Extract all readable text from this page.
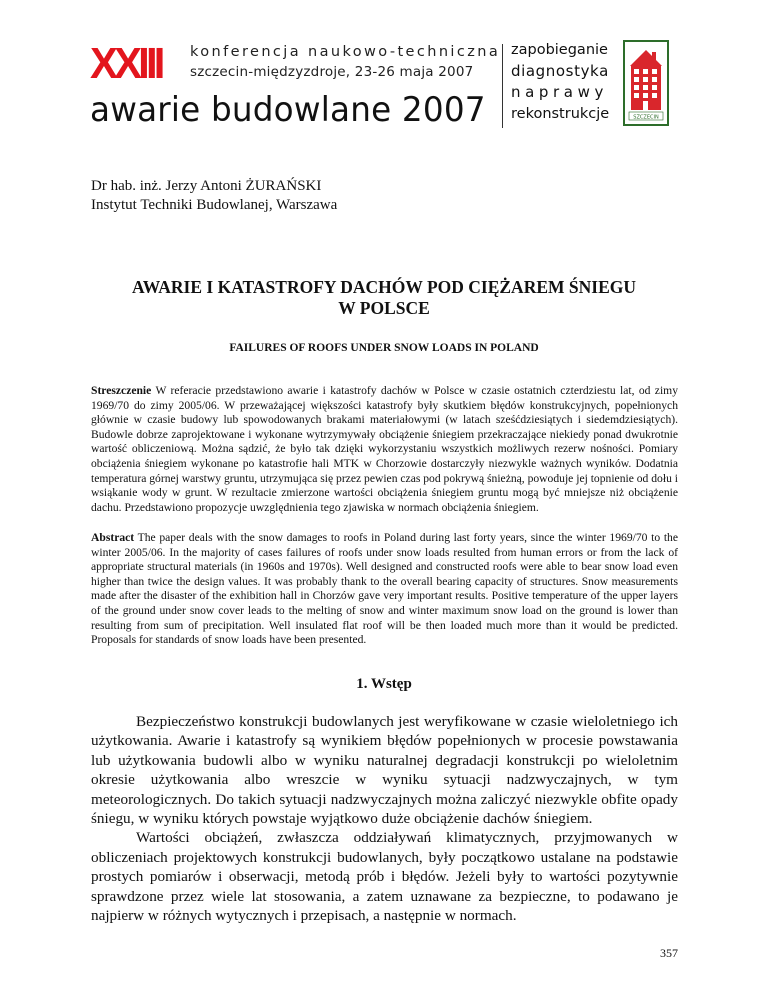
XXIII konferencja naukowo-techniczna
szczecin-międzyzdroje, 23-26 maja 2007
awarie budowlane 2007
zapobieganie
diagnostyka
naprawy
rekonstrukcje	SZCZECIN
Dr hab. inż. Jerzy Antoni ŻURAŃSKI
Instytut Techniki Budowlanej, Warszawa
AWARIE I KATASTROFY DACHÓW POD CIĘŻAREM ŚNIEGU
W POLSCE
FAILURES OF ROOFS UNDER SNOW LOADS IN POLAND
Streszczenie W referacie przedstawiono awarie i katastrofy dachów w Polsce w czasie ostatnich czterdziestu lat, od zimy 1969/70 do zimy 2005/06. W przeważającej większości katastrofy były skutkiem błędów konstrukcyjnych, popełnionych głównie w czasie budowy lub spowodowanych brakami materiałowymi (w latach sześćdziesiątych i siedemdziesiątych). Budowle dobrze zaprojektowane i wykonane wytrzymywały obciążenie śniegiem przekraczające niekiedy ponad dwukrotnie wartość obliczeniową. Można sądzić, że było tak dzięki wykorzystaniu wszystkich możliwych rezerw nośności. Pomiary obciążenia śniegiem wykonane po katastrofie hali MTK w Chorzowie dostarczyły niezwykle ważnych wyników. Dodatnia temperatura górnej warstwy gruntu, utrzymująca się przez pewien czas pod pokrywą śnieżną, powoduje jej topnienie od dołu i wsiąkanie wody w grunt. W rezultacie zmierzone wartości obciążenia śniegiem gruntu mogą być mniejsze niż obciążenie dachu. Przedstawiono propozycje uwzględnienia tego zjawiska w normach obciążenia śniegiem.
Abstract The paper deals with the snow damages to roofs in Poland during last forty years, since the winter 1969/70 to the winter 2005/06. In the majority of cases failures of roofs under snow loads resulted from human errors or from the lack of appropriate structural materials (in 1960s and 1970s). Well designed and constructed roofs were able to bear snow load even higher than twice the design values. It was probably thank to the overall bearing capacity of structures. Snow measurements made after the disaster of the exhibition hall in Chorzów gave very important results. Positive temperature of the upper layers of the ground under snow cover leads to the melting of snow and winter maximum snow load on the ground is lower than resulting from sum of precipitation. Well insulated flat roof will be then loaded much more than it would be predicted. Proposals for standards of snow loads have been presented.
1. Wstęp

Bezpieczeństwo konstrukcji budowlanych jest weryfikowane w czasie wieloletniego ich użytkowania. Awarie i katastrofy są wynikiem błędów popełnionych w procesie powstawania lub użytkowania budowli albo w wyniku naturalnej degradacji konstrukcji po wieloletnim okresie użytkowania albo wreszcie w wyniku sytuacji nadzwyczajnych, w tym meteorologicznych. Do takich sytuacji nadzwyczajnych można zaliczyć niezwykle obfite opady śniegu, w wyniku których powstaje wyjątkowo duże obciążenie dachów śniegiem.

Wartości obciążeń, zwłaszcza oddziaływań klimatycznych, przyjmowanych w obliczeniach projektowych konstrukcji budowlanych, były początkowo ustalane na podstawie prostych pomiarów i obserwacji, metodą prób i błędów. Jeżeli były to wartości pozytywnie sprawdzone przez wiele lat stosowania, a zatem uznawane za bezpieczne, to podawano je najpierw w różnych wytycznych i przepisach, a następnie w normach.

357
